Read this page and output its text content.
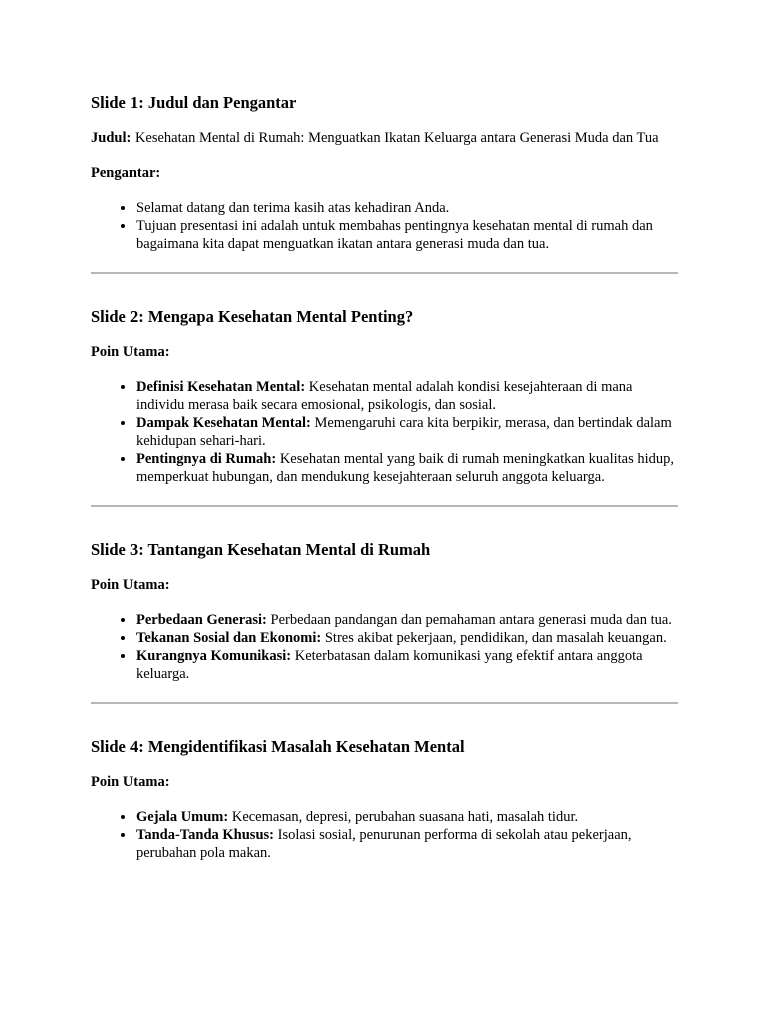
Slide 1: Judul dan Pengantar

Judul: Kesehatan Mental di Rumah: Menguatkan Ikatan Keluarga antara Generasi Muda dan Tua

Pengantar:

• Selamat datang dan terima kasih atas kehadiran Anda.
• Tujuan presentasi ini adalah untuk membahas pentingnya kesehatan mental di rumah dan bagaimana kita dapat menguatkan ikatan antara generasi muda dan tua.
Slide 2: Mengapa Kesehatan Mental Penting?

Poin Utama:

• Definisi Kesehatan Mental: Kesehatan mental adalah kondisi kesejahteraan di mana individu merasa baik secara emosional, psikologis, dan sosial.
• Dampak Kesehatan Mental: Memengaruhi cara kita berpikir, merasa, dan bertindak dalam kehidupan sehari-hari.
• Pentingnya di Rumah: Kesehatan mental yang baik di rumah meningkatkan kualitas hidup, memperkuat hubungan, dan mendukung kesejahteraan seluruh anggota keluarga.
Slide 3: Tantangan Kesehatan Mental di Rumah

Poin Utama:

• Perbedaan Generasi: Perbedaan pandangan dan pemahaman antara generasi muda dan tua.
• Tekanan Sosial dan Ekonomi: Stres akibat pekerjaan, pendidikan, dan masalah keuangan.
• Kurangnya Komunikasi: Keterbatasan dalam komunikasi yang efektif antara anggota keluarga.
Slide 4: Mengidentifikasi Masalah Kesehatan Mental

Poin Utama:

• Gejala Umum: Kecemasan, depresi, perubahan suasana hati, masalah tidur.
• Tanda-Tanda Khusus: Isolasi sosial, penurunan performa di sekolah atau pekerjaan, perubahan pola makan.
